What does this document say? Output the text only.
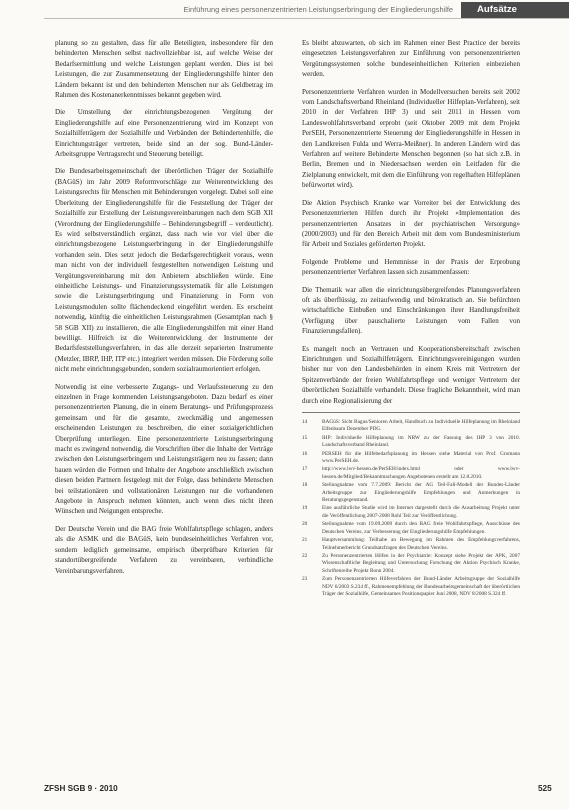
Einführung eines personenzentrierten Leistungserbringung der Eingliederungshilfe	Aufsätze

planung so zu gestalten, dass für alle Beteiligten, insbesondere für den behinderten Menschen selbst nachvollziehbar ist, auf welche Weise der Bedarfsermittlung und welche Leistungen geplant werden. Dies ist bei Leistungen, die zur Zusammensetzung der Eingliederungshilfe hinter den Ländern bekannt ist und den behinderten Menschen nur als Geldbetrag im Rahmen des Kostenanerkenntnisses bekannt gegeben wird.

Die Umstellung der einrichtungsbezogenen Vergütung der Eingliederungshilfe auf eine Personenzentrierung wird im Konzept von Sozialhilfeträgern der Sozialhilfe und Verbänden der Behindertenhilfe, die Einrichtungsträger vertreten, beide sind an der sog. Bund-Länder-Arbeitsgruppe Vertragsrecht und Steuerung beteiligt.

Die Bundesarbeitsgemeinschaft der überörtlichen Träger der Sozialhilfe (BAGüS) im Jahr 2009 Reformvorschläge zur Weiterentwicklung des Leistungsrechts für Menschen mit Behinderungen vorgelegt. Dabei soll eine Überleitung der Eingliederungshilfe für die Feststellung der Träger der Sozialhilfe zur Erstellung der Leistungsvereinbarungen nach dem SGB XII (Verordnung der Eingliederungshilfe – Behinderungsbegriff – verdeutlicht). Es wird selbstverständlich ergänzt, dass nach wie vor viel über die einrichtungsbezogene Leistungserbringung in der Eingliederungshilfe vorhanden sein. Dies setzt jedoch die Bedarfsgerechtigkeit voraus, wenn man nicht von der individuell festgestellten notwendigen Leistung und Vergütungsvereinbarung mit den Anbietern abschließen würde. Eine einheitliche Leistungs- und Finanzierungssystematik für alle Leistungen sowie die Leistungserbringung und Finanzierung in Form von Leistungsmodulen sollte flächendeckend eingeführt werden. Es erscheint notwendig, künftig die einheitlichen Leistungsrahmen (Gesamtplan nach § 58 SGB XII) zu installieren, die alle Eingliederungshilfen mit einer Hand bewilligt. Hilfreich ist die Weiterentwicklung der Instrumente der Bedarfsfeststellungsverfahren, in das alle derzeit separierten Instrumente (Metzler, IBRP, IHP, ITP etc.) integriert werden müssen. Die Förderung solle nicht mehr einrichtungsgebunden, sondern sozialraumorientiert erfolgen.

Notwendig ist eine verbesserte Zugangs- und Verlaufssteuerung zu den einzelnen in Frage kommenden Leistungsangeboten. Dazu bedarf es einer personenzentrierten Planung, die in einem Beratungs- und Prüfungsprozess gemeinsam und für die gesamte, zweckmäßig und angemessen erscheinenden Leistungen zu beschreiben, die einer sozialgerichtlichen Überprüfung unterliegen. Eine personenzentrierte Leistungserbringung macht es zwingend notwendig, die Vorschriften über die Inhalte der Verträge zwischen den Leistungserbringern und Leistungsträgern neu zu fassen; dann bauen würden die Formen und Inhalte der Angebote anschließlich zwischen diesen beiden Partnern festgelegt mit der Folge, dass behinderte Menschen bei teilstationären und vollstationären Leistungen nur die vorhandenen Angebote in Anspruch nehmen könnten, auch wenn dies nicht ihren Wünschen und Neigungen entspreche.

Der Deutsche Verein und die BAG freie Wohlfahrtspflege schlagen, anders als die ASMK und die BAGüS, kein bundeseinheitliches Verfahren vor, sondern lediglich gemeinsame, empirisch überprüfbare Kriterien für standortübergreifende Verfahren zu vereinbaren, verbindliche Vereinbarungsverfahren.

Es bleibt abzuwarten, ob sich im Rahmen einer Best Practice der bereits eingesetzten Leistungsverfahren zur Einführung von personenzentrierten Vergütungssystemen solche bundeseinheitlichen Kriterien einbeziehen werden.

Personenzentrierte Verfahren wurden in Modellversuchen bereits seit 2002 vom Landschaftsverband Rheinland (Individueller Hilfeplan-Verfahren), seit 2010 in der Verfahren IHP 3) und seit 2011 in Hessen vom Landeswohlfahrtsverband erprobt (seit Oktober 2009 mit dem Projekt PerSEH, Personenzentrierte Steuerung der Eingliederungshilfe in Hessen in den Landkreisen Fulda und Werra-Meißner). In anderen Ländern wird das Verfahren auf weitere Behinderte Menschen begonnen (so hat sich z.B. in Berlin, Bremen und in Niedersachsen werden ein Leitfaden für die Zielplanung entwickelt, mit dem die Einführung von regelhaften Hilfeplänen befürwortet wird).

Die Aktion Psychisch Kranke war Vorreiter bei der Entwicklung des Personenzentrierten Hilfen durch ihr Projekt «Implementation des personenzentrierten Ansatzes in der psychiatrischen Versorgung» (2000/2003) und für den Bereich Arbeit mit dem vom Bundesministerium für Arbeit und Soziales geförderten Projekt.

Folgende Probleme und Hemmnisse in der Praxis der Erprobung personenzentrierter Verfahren lassen sich zusammenfassen:

Die Thematik war allen die einrichtungsübergreifendes Planungsverfahren oft als überflüssig, zu zeitaufwendig und bürokratisch an. Sie befürchten wirtschaftliche Einbußen und Einschränkungen ihrer Handlungsfreiheit (Verfügung über pauschalierte Leistungen vom Fallen von Finanzierungsfallen).

Es mangelt noch an Vertrauen und Kooperationsbereitschaft zwischen Einrichtungen und Sozialhilfeträgern. Einrichtungsvereinigungen wurden bisher nur von den Landesbehörden in einem Kreis mit Vertretern der Spitzenverbände der freien Wohlfahrtspflege und weniger Vertretern der überörtlichen Sozialhilfe verhandelt. Diese fragliche Bekanntheit, wird man durch eine Regionalisierung der

14	BAGüS: Sicht Bagus/Senioren Arbeit, Handbuch zu Individuelle Hilfeplanung im Rheinland Elfenbaum Dezember PDG.
15	IHP: Individuelle Hilfeplanung im NRW zu der Fassung des IHP 3 von 2010. Landschaftsverband Rheinland.
16	PERSEH für die Hilfebedarfsplanung im Hessen siehe Material von Prof. Gromann www.PerSEH.de.
17	http://www.lwv-hessen.de/PerSEH/index.html oder www.lwv-hessen.de/Mitglied/Bekanntmachungen Angebotenen erstellt am 12.8.2010.
18	Stellungnahme vom 7.7.2009: Bericht der AG Teil-Fall-Modell der Bundes-Länder Arbeitsgruppe zur Eingliederungshilfe Empfehlungen und Anmerkungen in Beratungsgegenstand.
19	Eine ausführliche Studie wird im Internet dargestellt durch die Ausarbeitung Projekt unter die Veröffentlichung 2007-2008 Rohl Teil zur Veröffentlichung.
20	Stellungnahme vom 19.09.2009 durch den BAG freie Wohlfahrtspflege, Ausschüsse des Deutschen Vereins, zur Verbesserung der Eingliederungshilfe Empfehlungen.
21	Hauptversammlung: Teilhabe an Bewegung im Rahmen des Empfehlungsverfahrens, Teilnehmerbericht Grundsatzfragen des Deutschen Vereins.
22	Zu Personenzentrierten Hilfen in der Psychiatrie: Konzept siehe Projekt der APK, 2007 Wissenschaftliche Begleitung und Untersuchung Forschung der Aktion Psychisch Kranke, Schriftenreihe Projekt Bonn 2004.
23	Zum Personenzentrierten Hilfeverfahren der Bund-Länder Arbeitsgruppe der Sozialhilfe NDV 6/2003 S.234 ff., Rahmenempfehlung der Bundesarbeitsgemeinschaft der überörtlichen Träger der Sozialhilfe, Gemeinsames Positionspapier Juni 2008, NDV 8/2008 S.324 ff.
ZFSH SGB 9 · 2010	525
